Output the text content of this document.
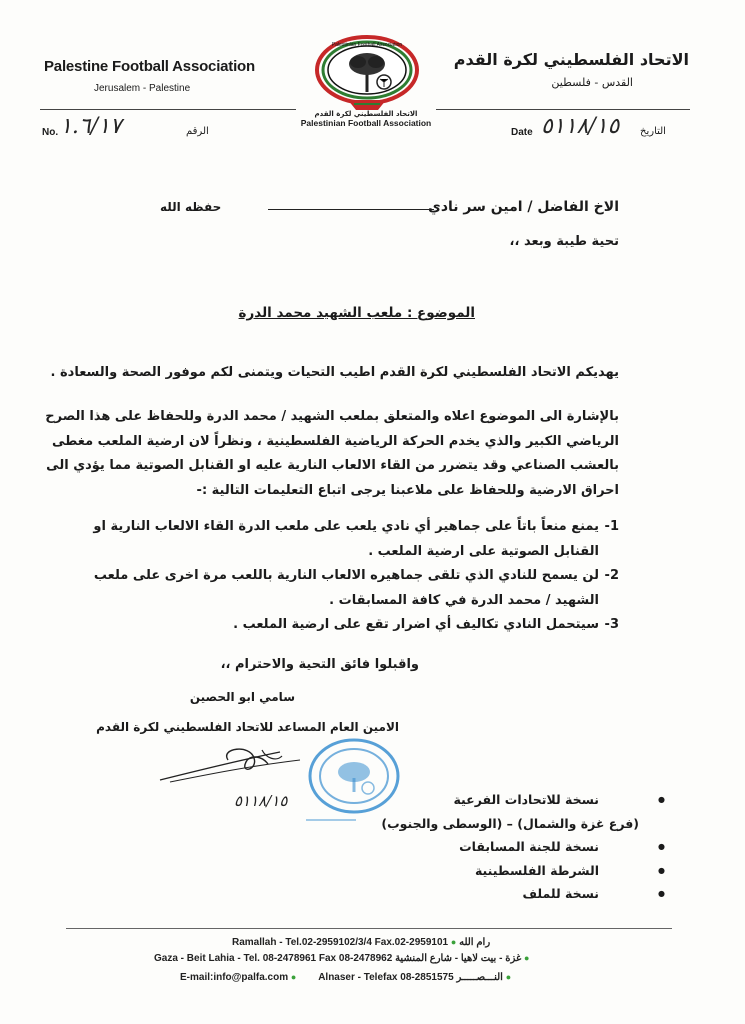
Palestine Football Association
Jerusalem - Palestine
الاتحاد الفلسطيني لكرة القدم
القدس - فلسطين
Palestinian Football Association
الاتحاد الفلسطيني لكرة القدم
Palestinian Football Association
No. ١.٦/١٧	الرقم	Date ٥١١٨/١٥ التاريخ
الاخ الفاضل / امين سر نادي
حفظه الله
تحية طيبة وبعد ،،
الموضوع : ملعب الشهيد محمد الدرة
يهديكم الاتحاد الفلسطيني لكرة القدم اطيب التحيات ويتمنى لكم موفور الصحة والسعادة .

بالإشارة الى الموضوع اعلاه والمتعلق بملعب الشهيد / محمد الدرة وللحفاظ على هذا الصرح

الرياضي الكبير والذي يخدم الحركة الرياضية الفلسطينية ، ونظراً لان ارضية الملعب مغطى

بالعشب الصناعي وقد يتضرر من القاء الالعاب النارية عليه او القنابل الصوتية مما يؤدي الى

احراق الارضية وللحفاظ على ملاعبنا يرجى اتباع التعليمات التالية :-

1-
يمنع منعاً باتاً على جماهير أي نادي يلعب على ملعب الدرة القاء الالعاب النارية او
القنابل الصوتية على ارضية الملعب .
2-
لن يسمح للنادي الذي تلقى جماهيره الالعاب النارية باللعب مرة اخرى على ملعب
الشهيد / محمد الدرة في كافة المسابقات .
3-
سيتحمل النادي تكاليف أي اضرار تقع على ارضية الملعب .
واقبلوا فائق التحية والاحترام ،،
سامي ابو الحصين
الامين العام المساعد للاتحاد الفلسطيني لكرة القدم
٥١١٨/١٥
●	نسخة للاتحادات الفرعية
(فرع غزة والشمال) – (الوسطى والجنوب)
● نسخة للجنة المسابقات
● الشرطة الفلسطينية
● نسخة للملف
Ramallah - Tel.02-2959102/3/4 Fax.02-2959101 ● رام الله
Gaza - Beit Lahia - Tel. 08-2478961 Fax 08-2478962 غزة - بيت لاهيا - شارع المنشية ●
E-mail:info@palfa.com ● Alnaser - Telefax 08-2851575 النـــصـــــر ●
